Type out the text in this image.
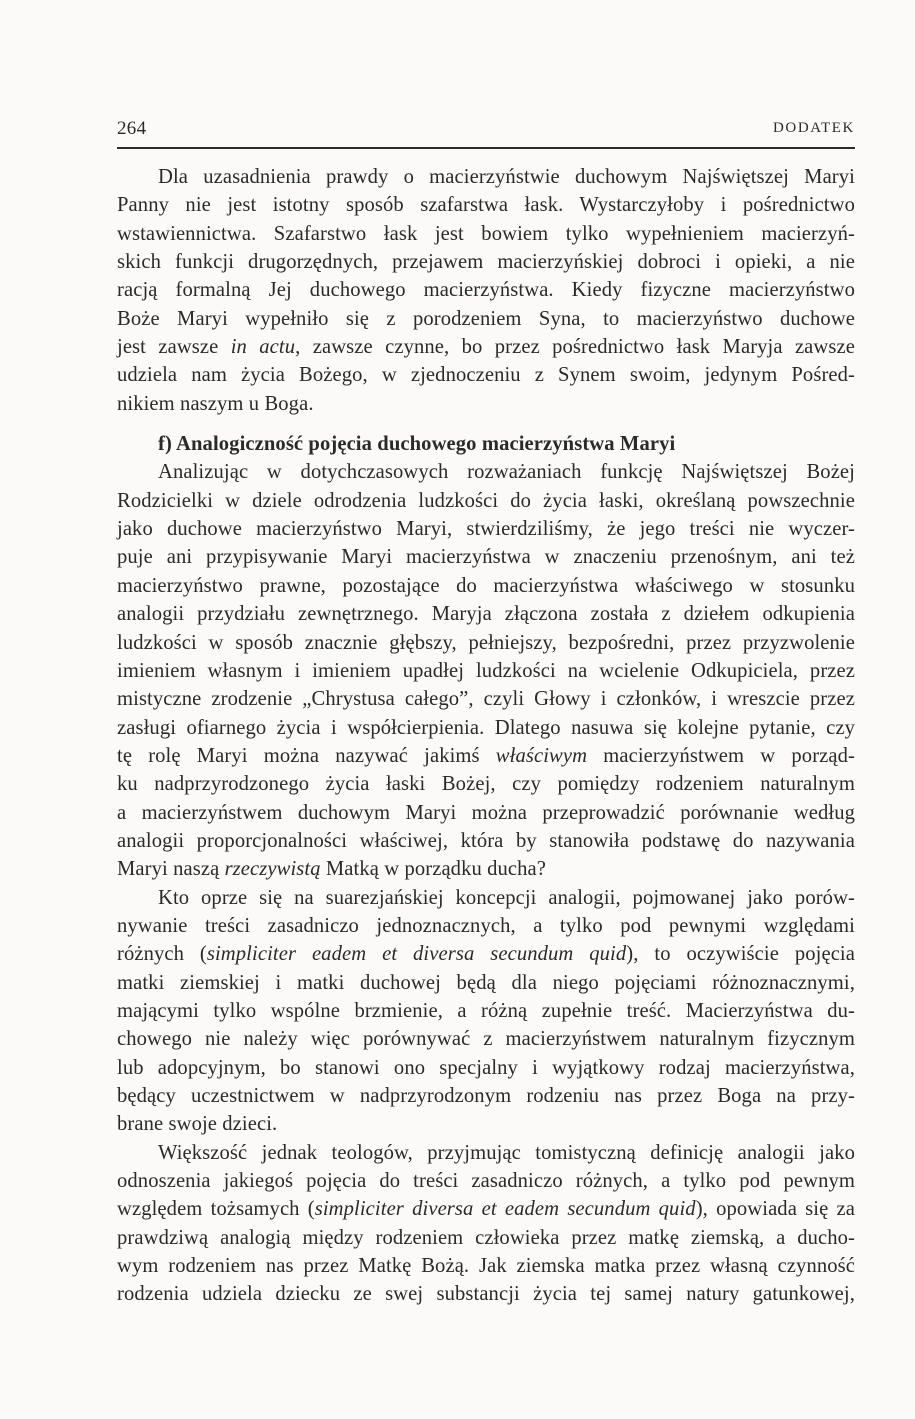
264	DODATEK
Dla uzasadnienia prawdy o macierzyństwie duchowym Najświętszej Maryi
Panny nie jest istotny sposób szafarstwa łask. Wystarczyłoby i pośrednictwo
wstawiennictwa. Szafarstwo łask jest bowiem tylko wypełnieniem macierzyń-
skich funkcji drugorzędnych, przejawem macierzyńskiej dobroci i opieki, a nie
racją formalną Jej duchowego macierzyństwa. Kiedy fizyczne macierzyństwo
Boże Maryi wypełniło się z porodzeniem Syna, to macierzyństwo duchowe
jest zawsze in actu, zawsze czynne, bo przez pośrednictwo łask Maryja zawsze
udziela nam życia Bożego, w zjednoczeniu z Synem swoim, jedynym Pośred-
nikiem naszym u Boga.
f) Analogiczność pojęcia duchowego macierzyństwa Maryi
Analizując w dotychczasowych rozważaniach funkcję Najświętszej Bożej
Rodzicielki w dziele odrodzenia ludzkości do życia łaski, określaną powszechnie
jako duchowe macierzyństwo Maryi, stwierdziliśmy, że jego treści nie wyczer-
puje ani przypisywanie Maryi macierzyństwa w znaczeniu przenośnym, ani też
macierzyństwo prawne, pozostające do macierzyństwa właściwego w stosunku
analogii przydziału zewnętrznego. Maryja złączona została z dziełem odkupienia
ludzkości w sposób znacznie głębszy, pełniejszy, bezpośredni, przez przyzwolenie
imieniem własnym i imieniem upadłej ludzkości na wcielenie Odkupiciela, przez
mistyczne zrodzenie „Chrystusa całego”, czyli Głowy i członków, i wreszcie przez
zasługi ofiarnego życia i współcierpienia. Dlatego nasuwa się kolejne pytanie, czy
tę rolę Maryi można nazywać jakimś właściwym macierzyństwem w porząd-
ku nadprzyrodzonego życia łaski Bożej, czy pomiędzy rodzeniem naturalnym
a macierzyństwem duchowym Maryi można przeprowadzić porównanie według
analogii proporcjonalności właściwej, która by stanowiła podstawę do nazywania
Maryi naszą rzeczywistą Matką w porządku ducha?
Kto oprze się na suarezjańskiej koncepcji analogii, pojmowanej jako porów-
nywanie treści zasadniczo jednoznacznych, a tylko pod pewnymi względami
różnych (simpliciter eadem et diversa secundum quid), to oczywiście pojęcia
matki ziemskiej i matki duchowej będą dla niego pojęciami różnoznacznymi,
mającymi tylko wspólne brzmienie, a różną zupełnie treść. Macierzyństwa du-
chowego nie należy więc porównywać z macierzyństwem naturalnym fizycznym
lub adopcyjnym, bo stanowi ono specjalny i wyjątkowy rodzaj macierzyństwa,
będący uczestnictwem w nadprzyrodzonym rodzeniu nas przez Boga na przy-
brane swoje dzieci.
Większość jednak teologów, przyjmując tomistyczną definicję analogii jako
odnoszenia jakiegoś pojęcia do treści zasadniczo różnych, a tylko pod pewnym
względem tożsamych (simpliciter diversa et eadem secundum quid), opowiada się za
prawdziwą analogią między rodzeniem człowieka przez matkę ziemską, a ducho-
wym rodzeniem nas przez Matkę Bożą. Jak ziemska matka przez własną czynność
rodzenia udziela dziecku ze swej substancji życia tej samej natury gatunkowej,
